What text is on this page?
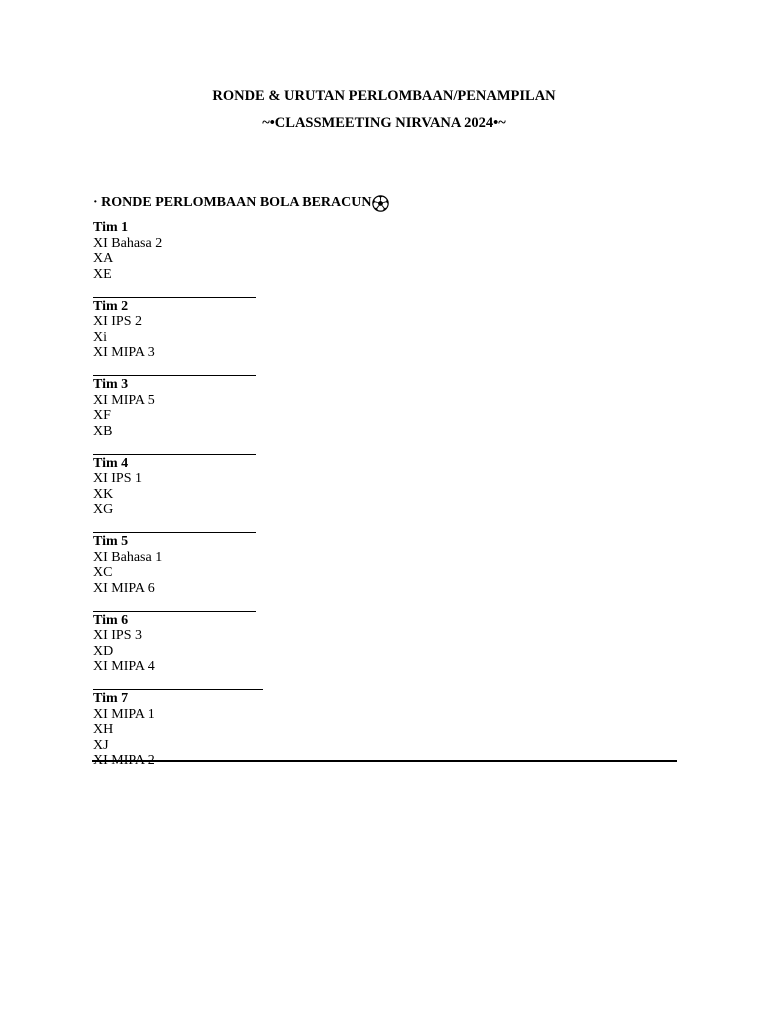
RONDE & URUTAN PERLOMBAAN/PENAMPILAN
~•CLASSMEETING NIRVANA 2024•~
· RONDE PERLOMBAAN BOLA BERACUN
Tim 1
XI Bahasa 2
XA
XE
Tim 2
XI IPS 2
Xi
XI MIPA 3
Tim 3
XI MIPA 5
XF
XB
Tim 4
XI IPS 1
XK
XG
Tim 5
XI Bahasa 1
XC
XI MIPA 6
Tim 6
XI IPS 3
XD
XI MIPA 4
Tim 7
XI MIPA 1
XH
XJ
XI MIPA 2
